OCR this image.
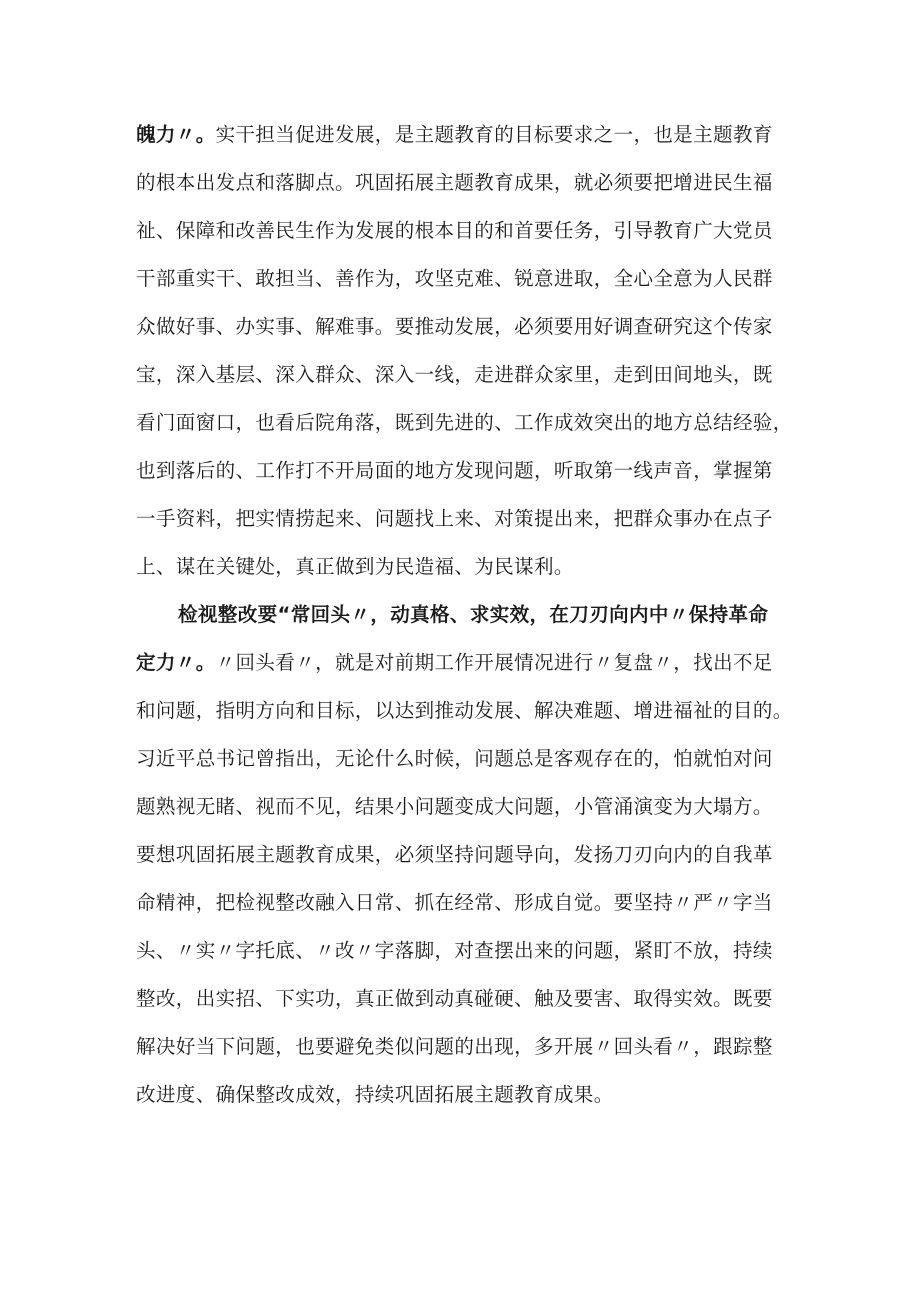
魄力〃。实干担当促进发展，是主题教育的目标要求之一，也是主题教育

的根本出发点和落脚点。巩固拓展主题教育成果，就必须要把增进民生福

祉、保障和改善民生作为发展的根本目的和首要任务，引导教育广大党员

干部重实干、敢担当、善作为，攻坚克难、锐意进取，全心全意为人民群

众做好事、办实事、解难事。要推动发展，必须要用好调查研究这个传家

宝，深入基层、深入群众、深入一线，走进群众家里，走到田间地头，既

看门面窗口，也看后院角落，既到先进的、工作成效突出的地方总结经验，

也到落后的、工作打不开局面的地方发现问题，听取第一线声音，掌握第

一手资料，把实情捞起来、问题找上来、对策提出来，把群众事办在点子

上、谋在关键处，真正做到为民造福、为民谋利。

检视整改要“常回头〃，动真格、求实效，在刀刃向内中〃保持革命

定力〃。〃回头看〃，就是对前期工作开展情况进行〃复盘〃，找出不足

和问题，指明方向和目标，以达到推动发展、解决难题、增进福祉的目的。

习近平总书记曾指出，无论什么时候，问题总是客观存在的，怕就怕对问

题熟视无睹、视而不见，结果小问题变成大问题，小管涌演变为大塌方。

要想巩固拓展主题教育成果，必须坚持问题导向，发扬刀刃向内的自我革

命精神，把检视整改融入日常、抓在经常、形成自觉。要坚持〃严〃字当

头、〃实〃字托底、〃改〃字落脚，对查摆出来的问题，紧盯不放，持续

整改，出实招、下实功，真正做到动真碰硬、触及要害、取得实效。既要

解决好当下问题，也要避免类似问题的出现，多开展〃回头看〃，跟踪整

改进度、确保整改成效，持续巩固拓展主题教育成果。
